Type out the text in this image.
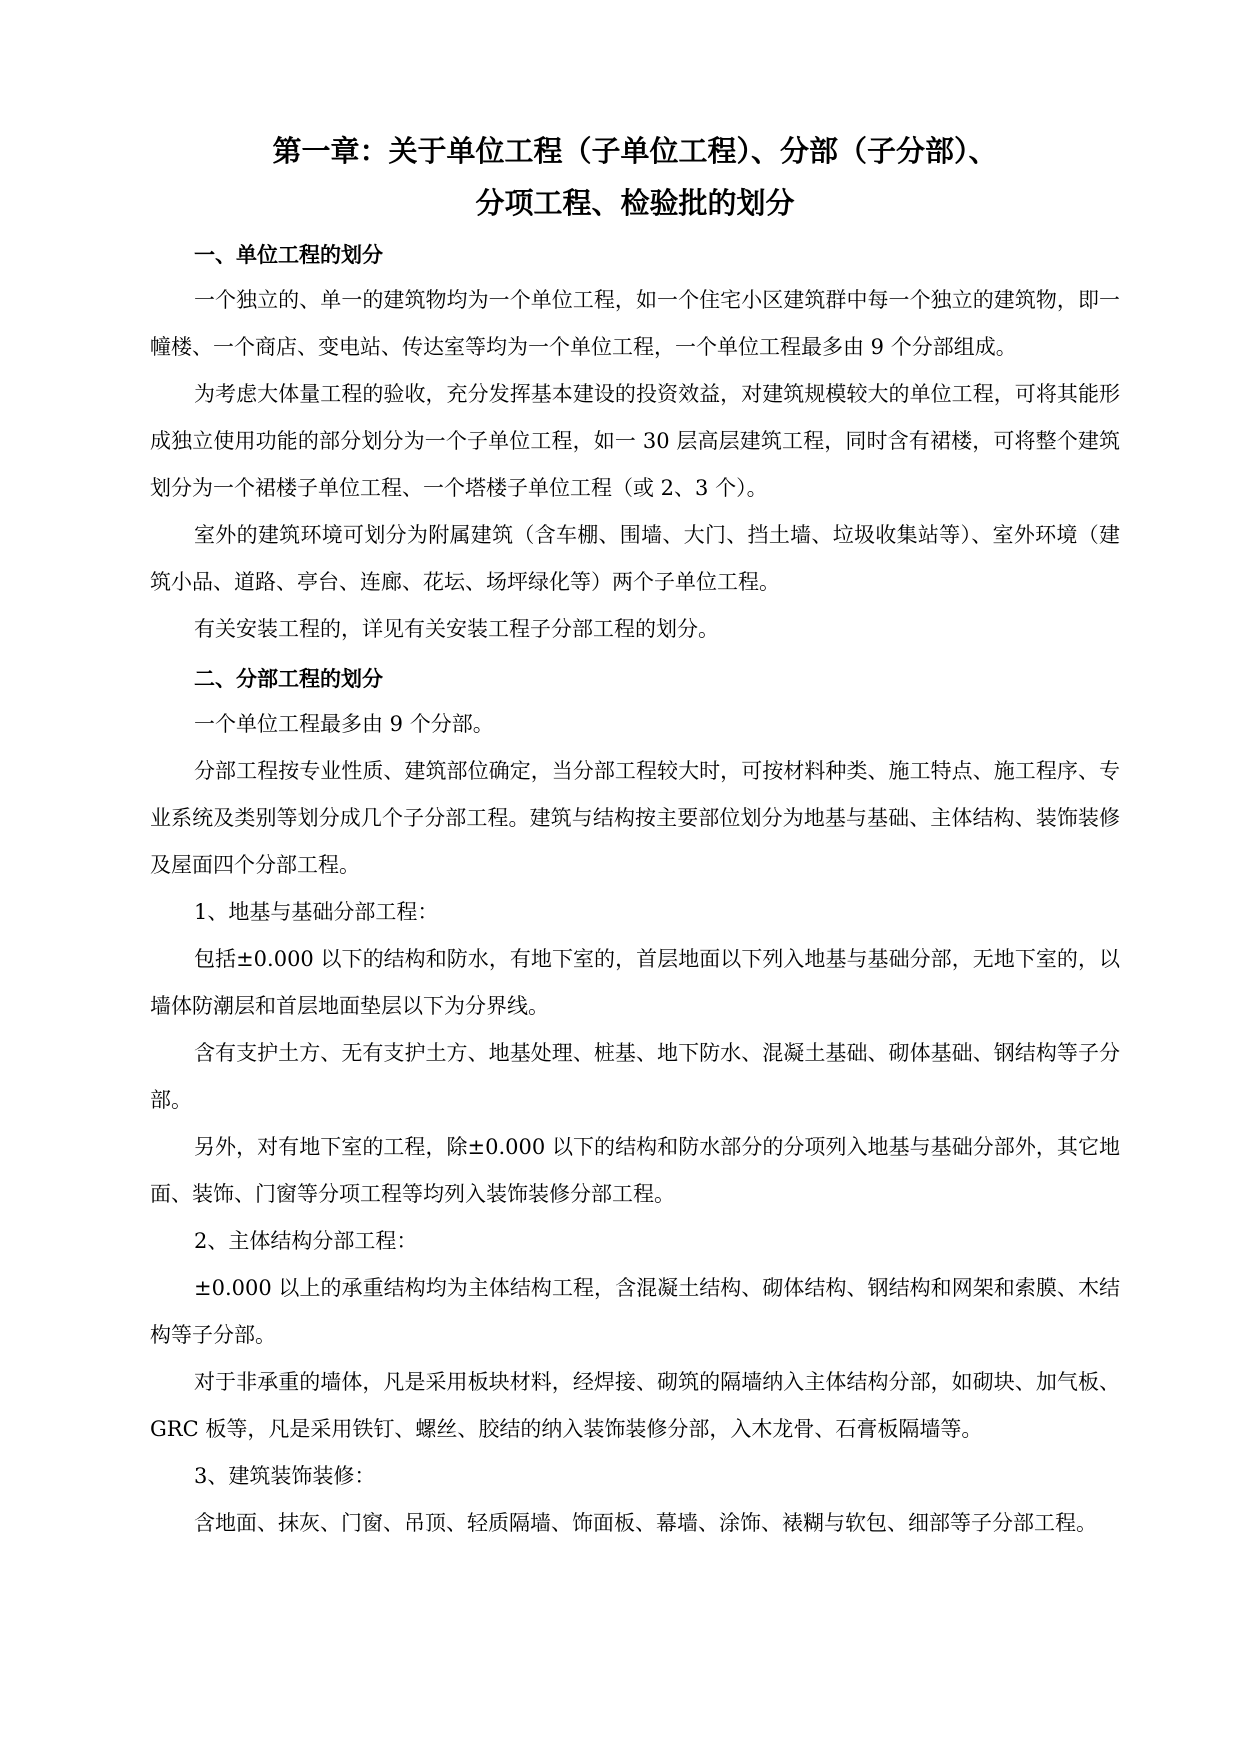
第一章：关于单位工程（子单位工程）、分部（子分部）、
分项工程、检验批的划分

一、单位工程的划分

一个独立的、单一的建筑物均为一个单位工程，如一个住宅小区建筑群中每一个独立的建筑物，即一幢楼、一个商店、变电站、传达室等均为一个单位工程，一个单位工程最多由 9 个分部组成。

为考虑大体量工程的验收，充分发挥基本建设的投资效益，对建筑规模较大的单位工程，可将其能形成独立使用功能的部分划分为一个子单位工程，如一 30 层高层建筑工程，同时含有裙楼，可将整个建筑划分为一个裙楼子单位工程、一个塔楼子单位工程（或 2、3 个）。

室外的建筑环境可划分为附属建筑（含车棚、围墙、大门、挡土墙、垃圾收集站等）、室外环境（建筑小品、道路、亭台、连廊、花坛、场坪绿化等）两个子单位工程。

有关安装工程的，详见有关安装工程子分部工程的划分。

二、分部工程的划分

一个单位工程最多由 9 个分部。

分部工程按专业性质、建筑部位确定，当分部工程较大时，可按材料种类、施工特点、施工程序、专业系统及类别等划分成几个子分部工程。建筑与结构按主要部位划分为地基与基础、主体结构、装饰装修及屋面四个分部工程。

1、地基与基础分部工程：

包括±0.000 以下的结构和防水，有地下室的，首层地面以下列入地基与基础分部，无地下室的，以墙体防潮层和首层地面垫层以下为分界线。

含有支护土方、无有支护土方、地基处理、桩基、地下防水、混凝土基础、砌体基础、钢结构等子分部。

另外，对有地下室的工程，除±0.000 以下的结构和防水部分的分项列入地基与基础分部外，其它地面、装饰、门窗等分项工程等均列入装饰装修分部工程。

2、主体结构分部工程：

±0.000 以上的承重结构均为主体结构工程，含混凝土结构、砌体结构、钢结构和网架和索膜、木结构等子分部。

对于非承重的墙体，凡是采用板块材料，经焊接、砌筑的隔墙纳入主体结构分部，如砌块、加气板、GRC 板等，凡是采用铁钉、螺丝、胶结的纳入装饰装修分部，入木龙骨、石膏板隔墙等。

3、建筑装饰装修：

含地面、抹灰、门窗、吊顶、轻质隔墙、饰面板、幕墙、涂饰、裱糊与软包、细部等子分部工程。
